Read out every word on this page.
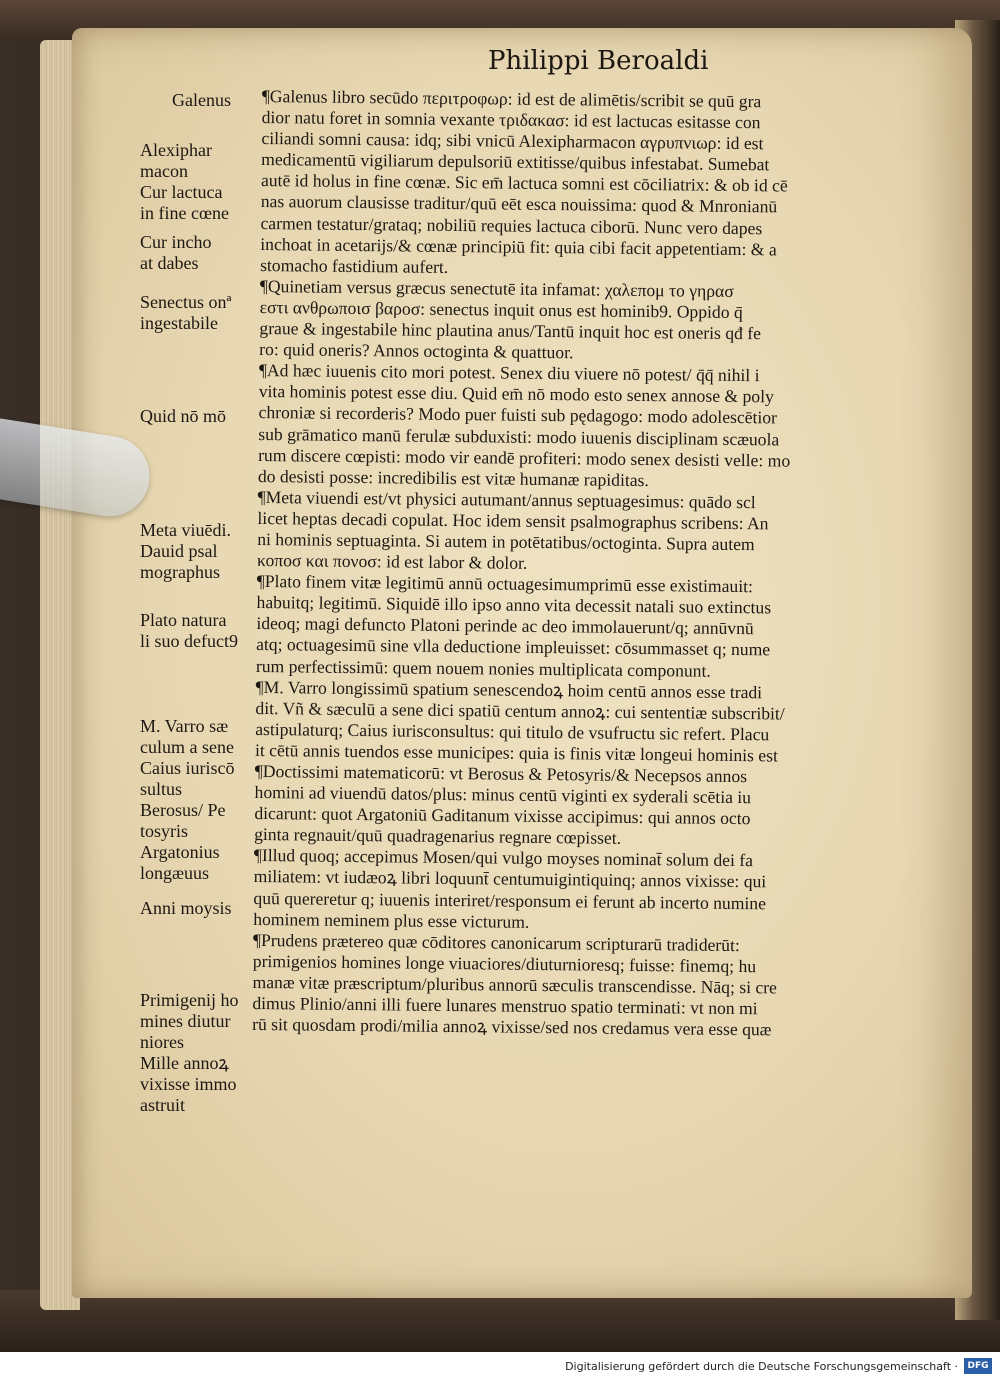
Philippi Beroaldi

¶Galenus libro secūdo περιτροφωρ: id est de alimētis/scribit se quū gra

dior natu foret in somnia vexante τριδακασ: id est lactucas esitasse con

ciliandi somni causa: idq; sibi vnicū Alexipharmacon αγρυπνιωρ: id est

medicamentū vigiliarum depulsoriū extitisse/quibus infestabat. Sumebat

autē id holus in fine cœnæ. Sic em̄ lactuca somni est cōciliatrix: & ob id cē

nas auorum clausisse traditur/quū eēt esca nouissima: quod & Mnronianū

carmen testatur/grataq; nobiliū requies lactuca ciborū. Nunc vero dapes

inchoat in acetarijs/& cœnæ principiū fit: quia cibi facit appetentiam: & a

stomacho fastidium aufert.

¶Quinetiam versus græcus senectutē ita infamat: χαλεπομ το γηρασ

εστι ανθρωποισ βαροσ: senectus inquit onus est hominib9. Oppido q̄

graue & ingestabile hinc plautina anus/Tantū inquit hoc est oneris qđ fe

ro: quid oneris? Annos octoginta & quattuor.

¶Ad hæc iuuenis cito mori potest. Senex diu viuere nō potest/ q̄q̄ nihil i

vita hominis potest esse diu. Quid em̄ nō modo esto senex annose & poly

chroniæ si recorderis? Modo puer fuisti sub pędagogo: modo adolescētior

sub grāmatico manū ferulæ subduxisti: modo iuuenis disciplinam scæuola

rum discere cœpisti: modo vir eandē profiteri: modo senex desisti velle: mo

do desisti posse: incredibilis est vitæ humanæ rapiditas.

¶Meta viuendi est/vt physici autumant/annus septuagesimus: quādo scl

licet heptas decadi copulat. Hoc idem sensit psalmographus scribens: An

ni hominis septuaginta. Si autem in potētatibus/octoginta. Supra autem

κοποσ και πονοσ: id est labor & dolor.

¶Plato finem vitæ legitimū annū octuagesimumprimū esse existimauit:

habuitq; legitimū. Siquidē illo ipso anno vita decessit natali suo extinctus

ideoq; magi defuncto Platoni perinde ac deo immolauerunt/q; annūvnū

atq; octuagesimū sine vlla deductione impleuisset: cōsummasset q; nume

rum perfectissimū: quem nouem nonies multiplicata componunt.

¶M. Varro longissimū spatium senescendoꝝ hoim centū annos esse tradi

dit. Vñ & sæculū a sene dici spatiū centum annoꝝ: cui sententiæ subscribit/

astipulaturq; Caius iurisconsultus: qui titulo de vsufructu sic refert. Placu

it cētū annis tuendos esse municipes: quia is finis vitæ longeui hominis est

¶Doctissimi matematicorū: vt Berosus & Petosyris/& Necepsos annos

homini ad viuendū datos/plus: minus centū viginti ex syderali scētia iu

dicarunt: quot Argatoniū Gaditanum vixisse accipimus: qui annos octo

ginta regnauit/quū quadragenarius regnare cœpisset.

¶Illud quoq; accepimus Mosen/qui vulgo moyses nominat̄ solum dei fa

miliatem: vt iudæoꝝ libri loquunt̄ centumuigintiquinq; annos vixisse: qui

quū quereretur q; iuuenis interiret/responsum ei ferunt ab incerto numine

hominem neminem plus esse victurum.

¶Prudens prætereo quæ cōditores canonicarum scripturarū tradiderūt:

primigenios homines longe viuaciores/diuturnioresq; fuisse: finemq; hu

manæ vitæ præscriptum/pluribus annorū sæculis transcendisse. Nāq; si cre

dimus Plinio/anni illi fuere lunares menstruo spatio terminati: vt non mi

rū sit quosdam prodi/milia annoꝝ vixisse/sed nos credamus vera esse quæ

Galenus
Alexiphar
macon
Cur lactuca
in fine cœne
Cur incho
at dabes
Senectus onª
ingestabile
Quid nō mō
Meta viuēdi.
Dauid psal
mographus
Plato natura
li suo defuct9
M. Varro sæ
culum a sene
Caius iuriscō
sultus
Berosus/ Pe
tosyris
Argatonius
longæuus
Anni moysis
Primigenij ho
mines diutur
niores
Mille annoꝝ
vixisse immo
astruit
Digitalisierung gefördert durch die Deutsche Forschungsgemeinschaft ·	DFG
